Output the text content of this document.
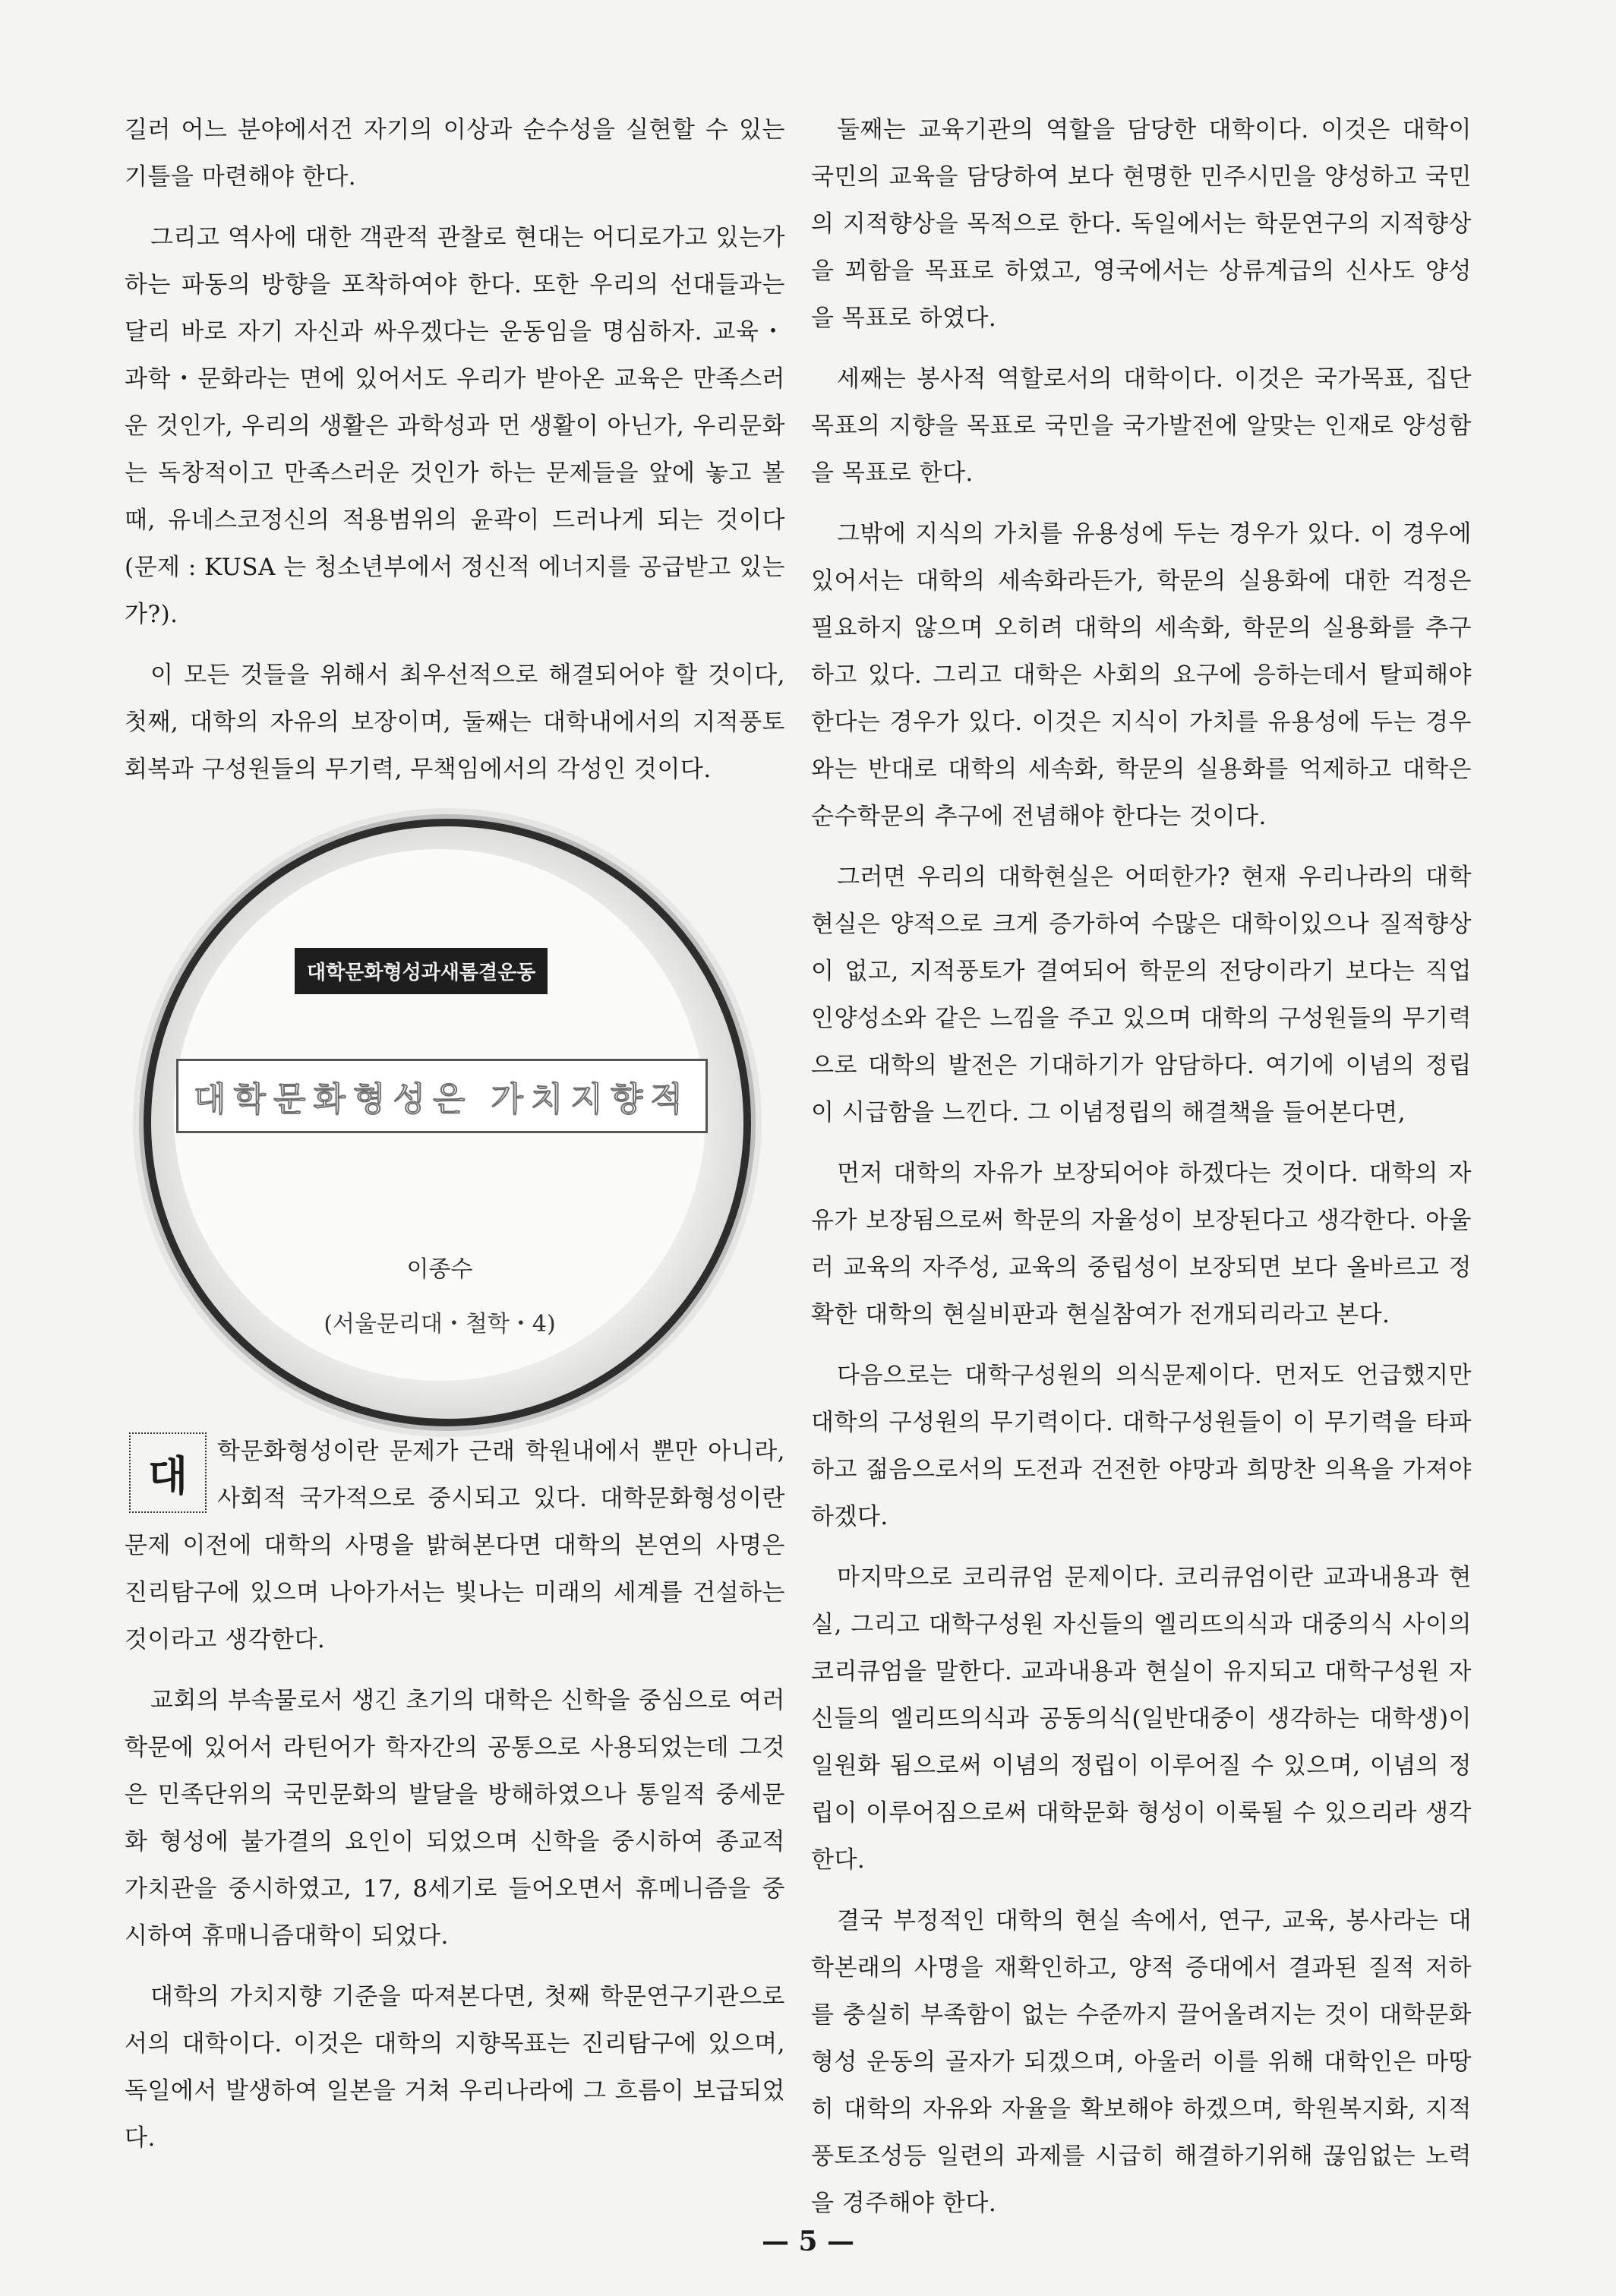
길러 어느 분야에서건 자기의 이상과 순수성을 실현할 수 있는 기틀을 마련해야 한다.

그리고 역사에 대한 객관적 관찰로 현대는 어디로가고 있는가 하는 파동의 방향을 포착하여야 한다. 또한 우리의 선대들과는 달리 바로 자기 자신과 싸우겠다는 운동임을 명심하자. 교육・과학・문화라는 면에 있어서도 우리가 받아온 교육은 만족스러운 것인가, 우리의 생활은 과학성과 먼 생활이 아닌가, 우리문화는 독창적이고 만족스러운 것인가 하는 문제들을 앞에 놓고 볼 때, 유네스코정신의 적용범위의 윤곽이 드러나게 되는 것이다(문제 : KUSA 는 청소년부에서 정신적 에너지를 공급받고 있는가?).

이 모든 것들을 위해서 최우선적으로 해결되어야 할 것이다, 첫째, 대학의 자유의 보장이며, 둘째는 대학내에서의 지적풍토 회복과 구성원들의 무기력, 무책임에서의 각성인 것이다.

대학문화형성과새롬결운동
대학문화형성은 가치지향적
이종수
(서울문리대・철학・4)
대

학문화형성이란 문제가 근래 학원내에서 뿐만 아니라, 사회적 국가적으로 중시되고 있다. 대학문화형성이란 문제 이전에 대학의 사명을 밝혀본다면 대학의 본연의 사명은 진리탐구에 있으며 나아가서는 빛나는 미래의 세계를 건설하는 것이라고 생각한다.

교회의 부속물로서 생긴 초기의 대학은 신학을 중심으로 여러 학문에 있어서 라틴어가 학자간의 공통으로 사용되었는데 그것은 민족단위의 국민문화의 발달을 방해하였으나 통일적 중세문화 형성에 불가결의 요인이 되었으며 신학을 중시하여 종교적 가치관을 중시하였고, 17, 8세기로 들어오면서 휴메니즘을 중시하여 휴매니즘대학이 되었다.

대학의 가치지향 기준을 따져본다면, 첫째 학문연구기관으로서의 대학이다. 이것은 대학의 지향목표는 진리탐구에 있으며, 독일에서 발생하여 일본을 거쳐 우리나라에 그 흐름이 보급되었다.

둘째는 교육기관의 역할을 담당한 대학이다. 이것은 대학이 국민의 교육을 담당하여 보다 현명한 민주시민을 양성하고 국민의 지적향상을 목적으로 한다. 독일에서는 학문연구의 지적향상을 꾀함을 목표로 하였고, 영국에서는 상류계급의 신사도 양성을 목표로 하였다.

세째는 봉사적 역할로서의 대학이다. 이것은 국가목표, 집단목표의 지향을 목표로 국민을 국가발전에 알맞는 인재로 양성함을 목표로 한다.

그밖에 지식의 가치를 유용성에 두는 경우가 있다. 이 경우에 있어서는 대학의 세속화라든가, 학문의 실용화에 대한 걱정은 필요하지 않으며 오히려 대학의 세속화, 학문의 실용화를 추구하고 있다. 그리고 대학은 사회의 요구에 응하는데서 탈피해야 한다는 경우가 있다. 이것은 지식이 가치를 유용성에 두는 경우와는 반대로 대학의 세속화, 학문의 실용화를 억제하고 대학은 순수학문의 추구에 전념해야 한다는 것이다.

그러면 우리의 대학현실은 어떠한가? 현재 우리나라의 대학현실은 양적으로 크게 증가하여 수많은 대학이있으나 질적향상이 없고, 지적풍토가 결여되어 학문의 전당이라기 보다는 직업인양성소와 같은 느낌을 주고 있으며 대학의 구성원들의 무기력으로 대학의 발전은 기대하기가 암담하다. 여기에 이념의 정립이 시급함을 느낀다. 그 이념정립의 해결책을 들어본다면,

먼저 대학의 자유가 보장되어야 하겠다는 것이다. 대학의 자유가 보장됨으로써 학문의 자율성이 보장된다고 생각한다. 아울러 교육의 자주성, 교육의 중립성이 보장되면 보다 올바르고 정확한 대학의 현실비판과 현실참여가 전개되리라고 본다.

다음으로는 대학구성원의 의식문제이다. 먼저도 언급했지만 대학의 구성원의 무기력이다. 대학구성원들이 이 무기력을 타파하고 젊음으로서의 도전과 건전한 야망과 희망찬 의욕을 가져야 하겠다.

마지막으로 코리큐엄 문제이다. 코리큐엄이란 교과내용과 현실, 그리고 대학구성원 자신들의 엘리뜨의식과 대중의식 사이의 코리큐엄을 말한다. 교과내용과 현실이 유지되고 대학구성원 자신들의 엘리뜨의식과 공동의식(일반대중이 생각하는 대학생)이 일원화 됨으로써 이념의 정립이 이루어질 수 있으며, 이념의 정립이 이루어짐으로써 대학문화 형성이 이룩될 수 있으리라 생각한다.

결국 부정적인 대학의 현실 속에서, 연구, 교육, 봉사라는 대학본래의 사명을 재확인하고, 양적 증대에서 결과된 질적 저하를 충실히 부족함이 없는 수준까지 끌어올려지는 것이 대학문화형성 운동의 골자가 되겠으며, 아울러 이를 위해 대학인은 마땅히 대학의 자유와 자율을 확보해야 하겠으며, 학원복지화, 지적풍토조성등 일련의 과제를 시급히 해결하기위해 끊임없는 노력을 경주해야 한다.

— 5 —
